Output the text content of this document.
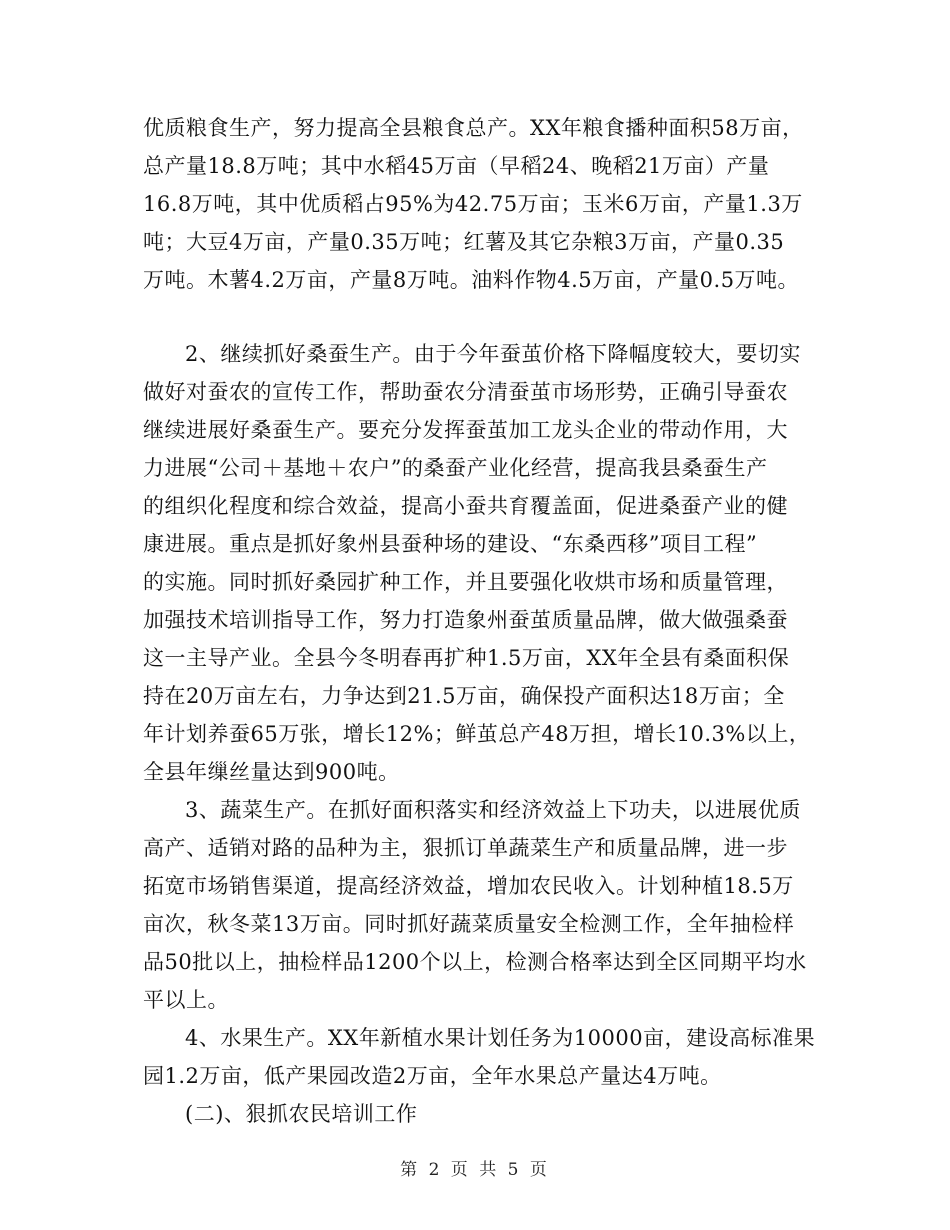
优质粮食生产，努力提高全县粮食总产。XX年粮食播种面积58万亩，
总产量18.8万吨；其中水稻45万亩（早稻24、晚稻21万亩）产量
16.8万吨，其中优质稻占95%为42.75万亩；玉米6万亩，产量1.3万
吨；大豆4万亩，产量0.35万吨；红薯及其它杂粮3万亩，产量0.35
万吨。木薯4.2万亩，产量8万吨。油料作物4.5万亩，产量0.5万吨。
2、继续抓好桑蚕生产。由于今年蚕茧价格下降幅度较大，要切实
做好对蚕农的宣传工作，帮助蚕农分清蚕茧市场形势，正确引导蚕农
继续进展好桑蚕生产。要充分发挥蚕茧加工龙头企业的带动作用，大
力进展“公司＋基地＋农户”的桑蚕产业化经营，提高我县桑蚕生产
的组织化程度和综合效益，提高小蚕共育覆盖面，促进桑蚕产业的健
康进展。重点是抓好象州县蚕种场的建设、“东桑西移”项目工程”
的实施。同时抓好桑园扩种工作，并且要强化收烘市场和质量管理，
加强技术培训指导工作，努力打造象州蚕茧质量品牌，做大做强桑蚕
这一主导产业。全县今冬明春再扩种1.5万亩，XX年全县有桑面积保
持在20万亩左右，力争达到21.5万亩，确保投产面积达18万亩；全
年计划养蚕65万张，增长12%；鲜茧总产48万担，增长10.3%以上，
全县年缫丝量达到900吨。
3、蔬菜生产。在抓好面积落实和经济效益上下功夫，以进展优质
高产、适销对路的品种为主，狠抓订单蔬菜生产和质量品牌，进一步
拓宽市场销售渠道，提高经济效益，增加农民收入。计划种植18.5万
亩次，秋冬菜13万亩。同时抓好蔬菜质量安全检测工作，全年抽检样
品50批以上，抽检样品1200个以上，检测合格率达到全区同期平均水
平以上。
4、水果生产。XX年新植水果计划任务为10000亩，建设高标准果
园1.2万亩，低产果园改造2万亩，全年水果总产量达4万吨。
(二)、狠抓农民培训工作
第 2 页 共 5 页
